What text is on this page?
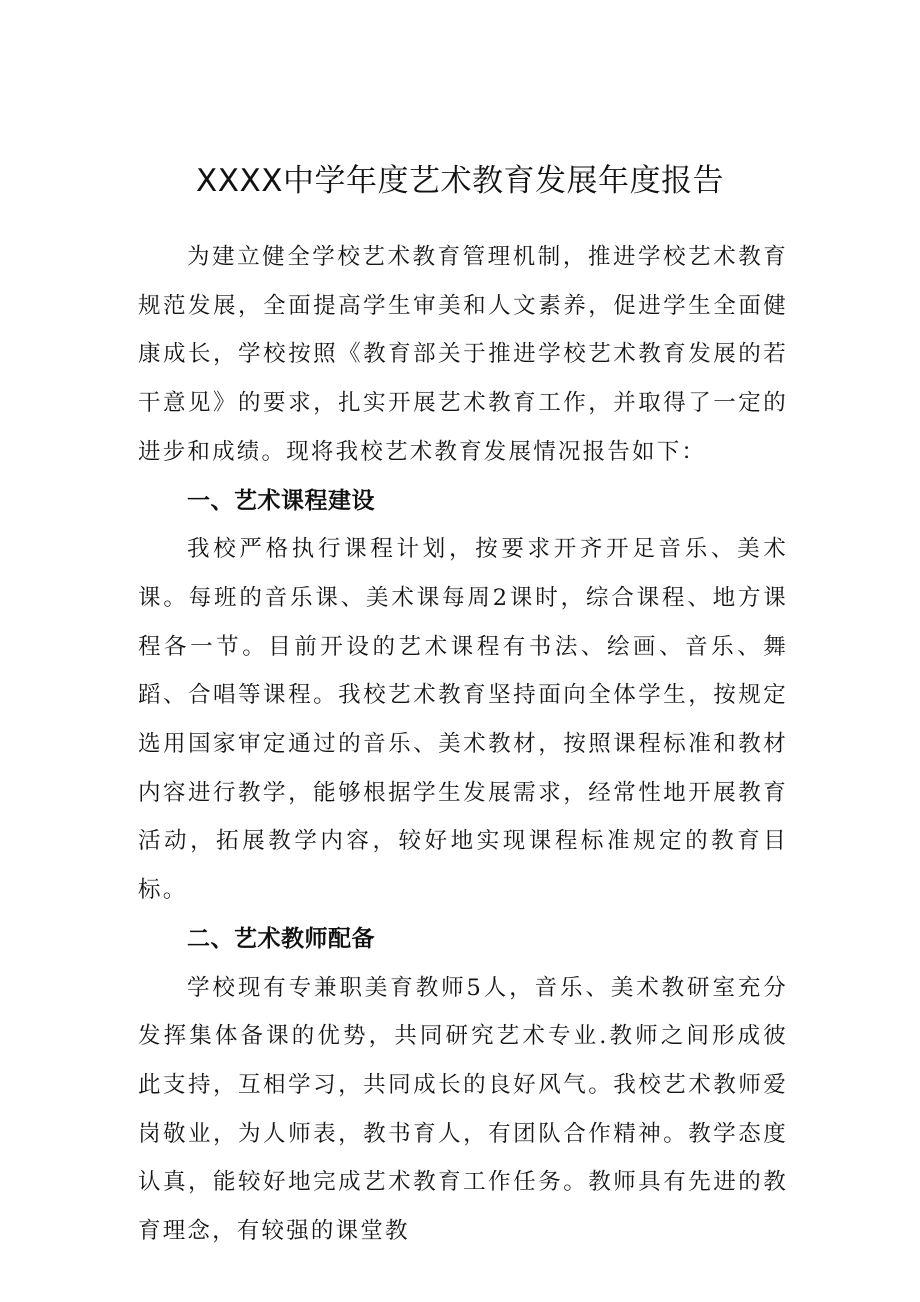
XXXX中学年度艺术教育发展年度报告

为建立健全学校艺术教育管理机制，推进学校艺术教育规范发展，全面提高学生审美和人文素养，促进学生全面健康成长，学校按照《教育部关于推进学校艺术教育发展的若干意见》的要求，扎实开展艺术教育工作，并取得了一定的进步和成绩。现将我校艺术教育发展情况报告如下：

一、艺术课程建设

我校严格执行课程计划，按要求开齐开足音乐、美术课。每班的音乐课、美术课每周2课时，综合课程、地方课程各一节。目前开设的艺术课程有书法、绘画、音乐、舞蹈、合唱等课程。我校艺术教育坚持面向全体学生，按规定选用国家审定通过的音乐、美术教材，按照课程标准和教材内容进行教学，能够根据学生发展需求，经常性地开展教育活动，拓展教学内容，较好地实现课程标准规定的教育目标。

二、艺术教师配备

学校现有专兼职美育教师5人，音乐、美术教研室充分发挥集体备课的优势，共同研究艺术专业.教师之间形成彼此支持，互相学习，共同成长的良好风气。我校艺术教师爱岗敬业，为人师表，教书育人，有团队合作精神。教学态度认真，能较好地完成艺术教育工作任务。教师具有先进的教育理念，有较强的课堂教
